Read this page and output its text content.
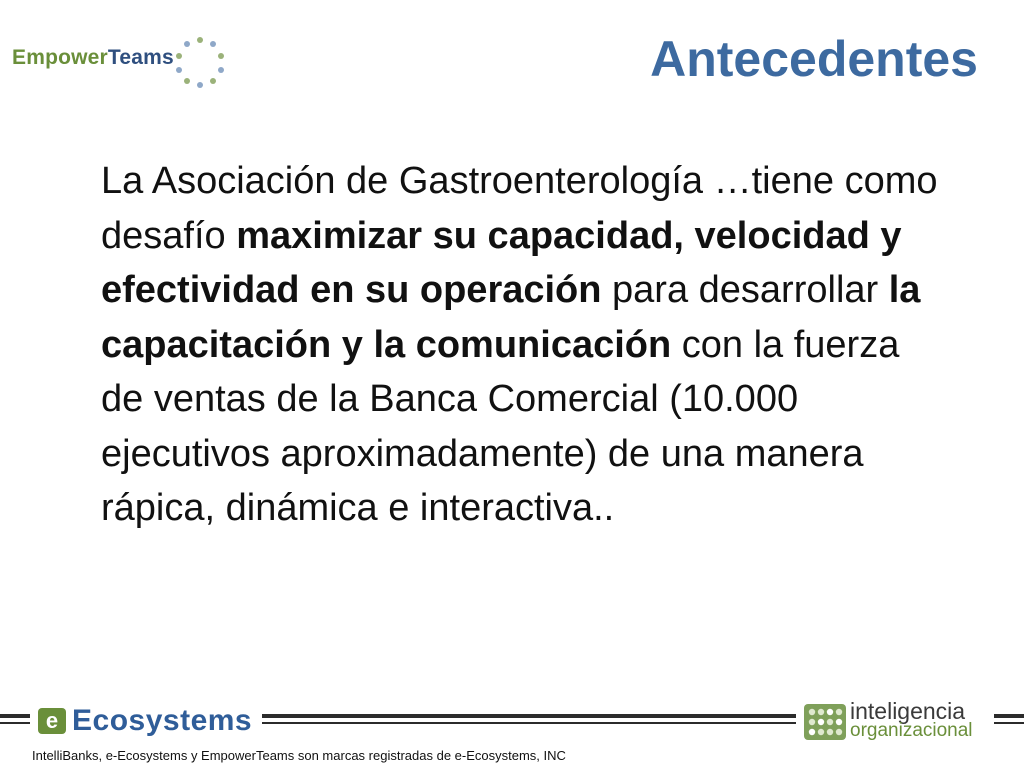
EmpowerTeams	Antecedentes

La Asociación de Gastroenterología …tiene como desafío maximizar su capacidad, velocidad y efectividad en su operación para desarrollar la capacitación y la comunicación con la fuerza de ventas de la Banca Comercial (10.000 ejecutivos aproximadamente) de una manera rápica, dinámica e interactiva..

e Ecosystems	inteligencia
organizacional
IntelliBanks, e-Ecosystems y EmpowerTeams son marcas registradas de e-Ecosystems, INC
